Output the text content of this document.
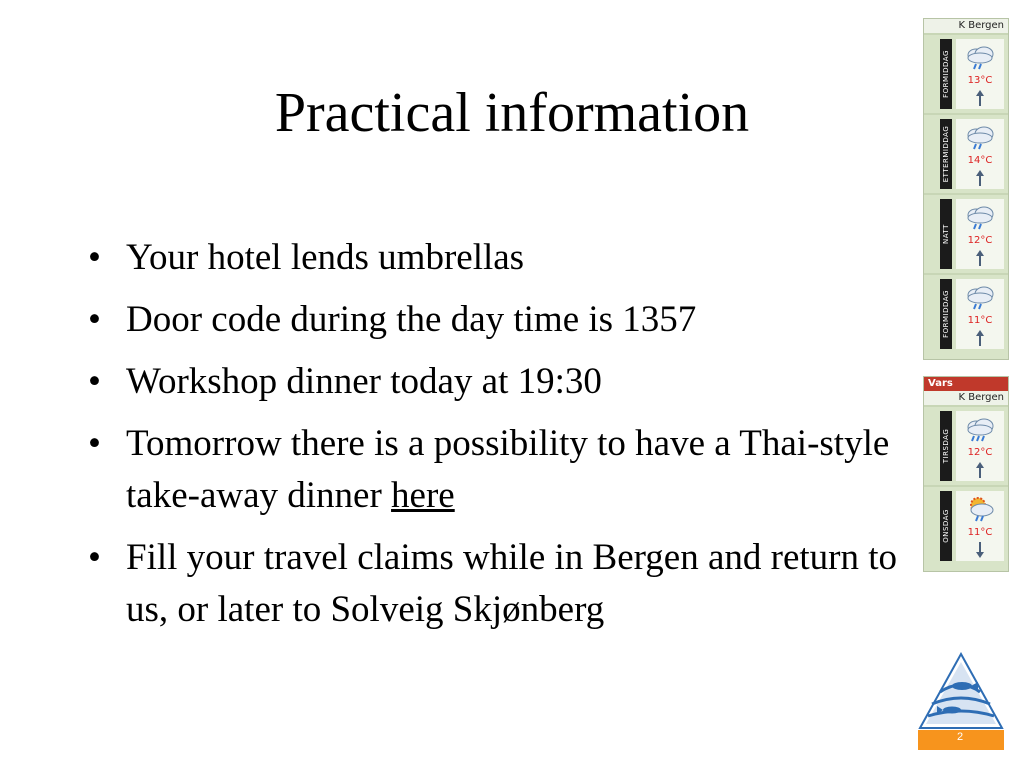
Practical information
• Your hotel lends umbrellas
• Door code during the day time is 1357
• Workshop dinner today at 19:30
• Tomorrow there is a possibility to have a Thai-style take-away dinner here
• Fill your travel claims while in Bergen and return to us, or later to Solveig Skjønberg
K Bergen
FORMIDDAG	13°C
ETTERMIDDAG	14°C
NATT	12°C
FORMIDDAG	11°C
Vars
K Bergen
TIRSDAG	12°C
ONSDAG	11°C
2
